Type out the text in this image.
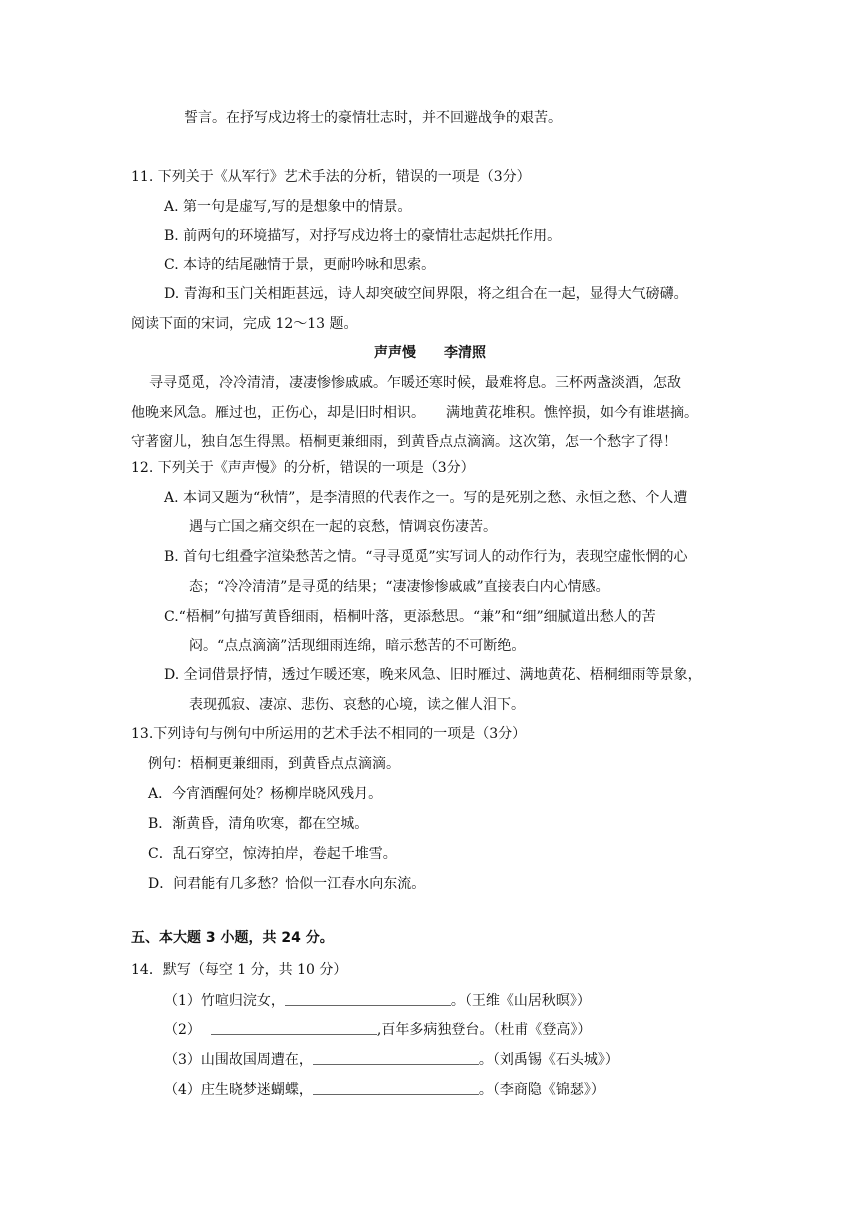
誓言。在抒写戍边将士的豪情壮志时，并不回避战争的艰苦。
11. 下列关于《从军行》艺术手法的分析，错误的一项是（3分）
A. 第一句是虚写,写的是想象中的情景。
B. 前两句的环境描写，对抒写戍边将士的豪情壮志起烘托作用。
C. 本诗的结尾融情于景，更耐吟咏和思索。
D. 青海和玉门关相距甚远，诗人却突破空间界限，将之组合在一起，显得大气磅礴。
阅读下面的宋词，完成 12～13 题。
声声慢　　李清照
寻寻觅觅，冷冷清清，凄凄惨惨戚戚。乍暖还寒时候，最难将息。三杯两盏淡酒，怎敌
他晚来风急。雁过也，正伤心，却是旧时相识。　　满地黄花堆积。憔悴损，如今有谁堪摘。
守著窗儿，独自怎生得黑。梧桐更兼细雨，到黄昏点点滴滴。这次第，怎一个愁字了得！
12. 下列关于《声声慢》的分析，错误的一项是（3分）
A. 本词又题为“秋情”，是李清照的代表作之一。写的是死别之愁、永恒之愁、个人遭
遇与亡国之痛交织在一起的哀愁，情调哀伤凄苦。
B. 首句七组叠字渲染愁苦之情。“寻寻觅觅”实写词人的动作行为，表现空虚怅惘的心
态；“冷冷清清”是寻觅的结果；“凄凄惨惨戚戚”直接表白内心情感。
C.“梧桐”句描写黄昏细雨，梧桐叶落，更添愁思。“兼”和“细”细腻道出愁人的苦
闷。“点点滴滴”活现细雨连绵，暗示愁苦的不可断绝。
D. 全词借景抒情，透过乍暖还寒，晚来风急、旧时雁过、满地黄花、梧桐细雨等景象，
表现孤寂、凄凉、悲伤、哀愁的心境，读之催人泪下。
13.下列诗句与例句中所运用的艺术手法不相同的一项是（3分）
例句：梧桐更兼细雨，到黄昏点点滴滴。
A．今宵酒醒何处？杨柳岸晓风残月。
B．渐黄昏，清角吹寒，都在空城。
C．乱石穿空，惊涛拍岸，卷起千堆雪。
D．问君能有几多愁？恰似一江春水向东流。
五、本大题 3 小题，共 24 分。
14．默写（每空 1 分，共 10 分）
（1）竹喧归浣女，	。（王维《山居秋暝》）
（2）	,百年多病独登台。（杜甫《登高》）
（3）山围故国周遭在，	。（刘禹锡《石头城》）
（4）庄生晓梦迷蝴蝶，	。（李商隐《锦瑟》）
